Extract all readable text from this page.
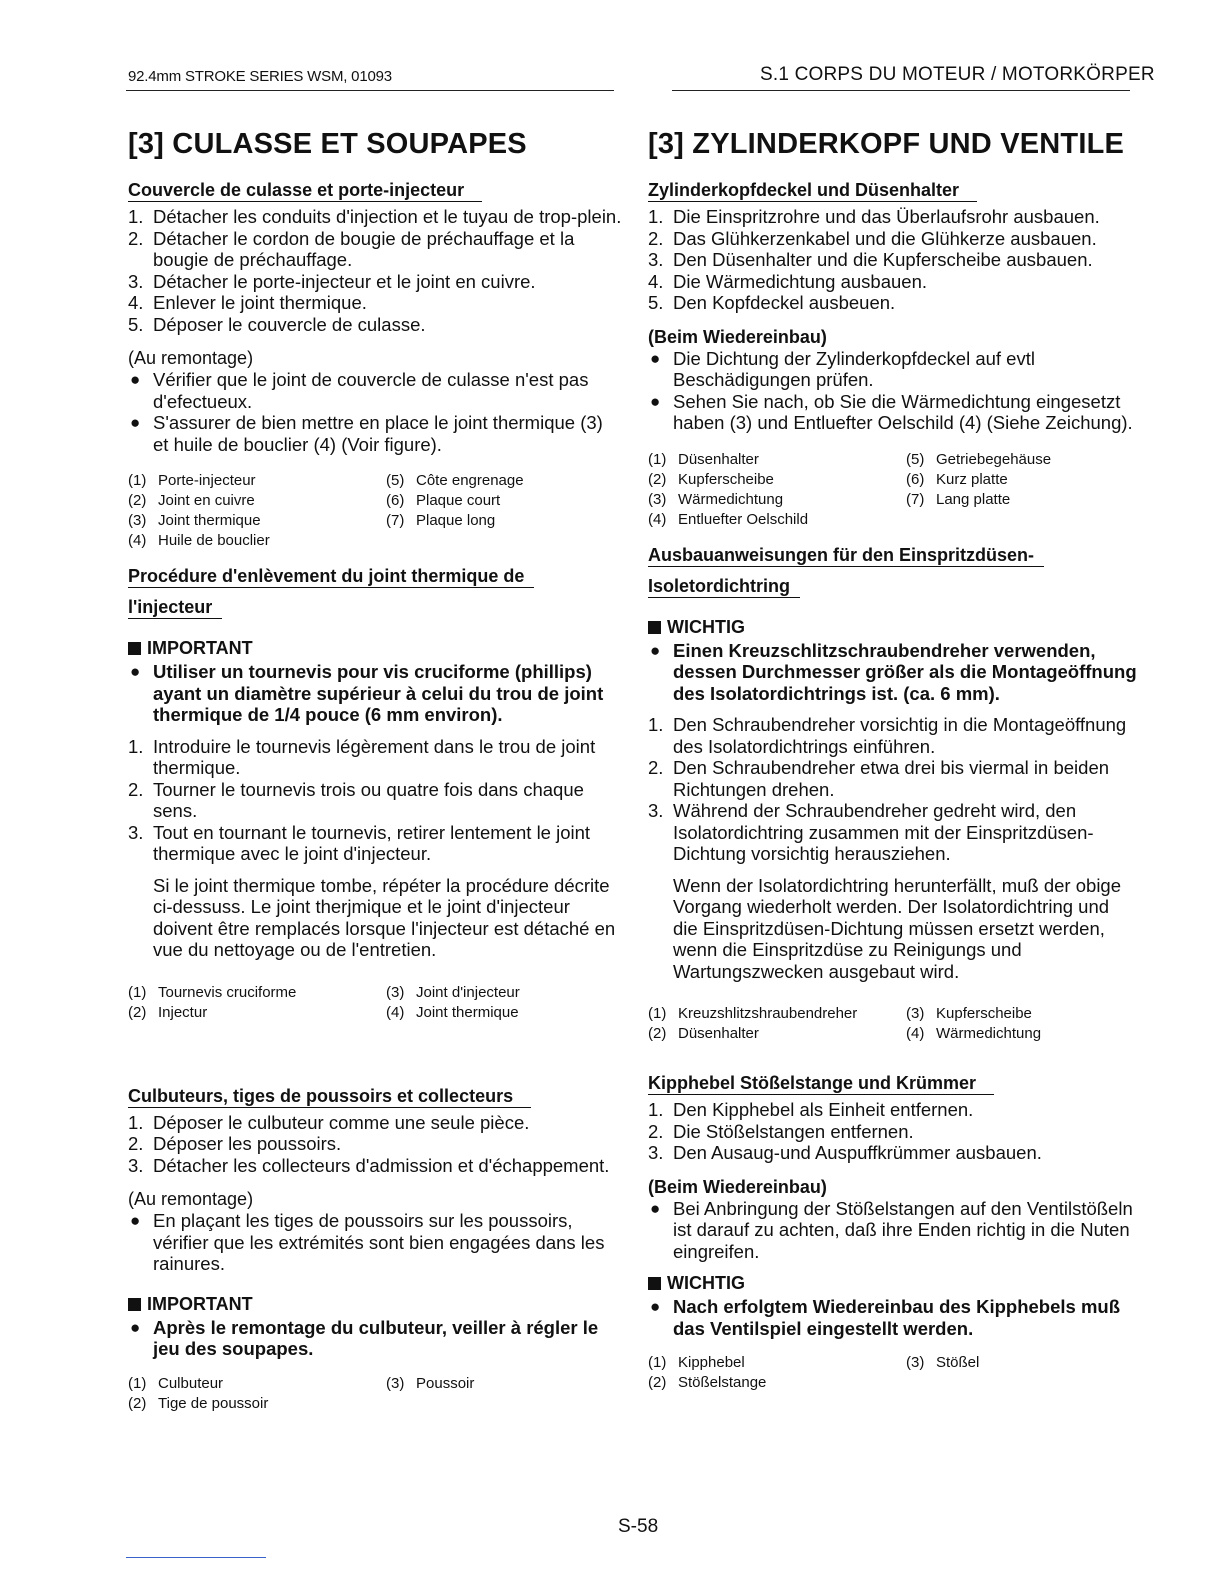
92.4mm STROKE SERIES WSM, 01093	S.1 CORPS DU MOTEUR / MOTORKÖRPER
[3] CULASSE ET SOUPAPES
Couvercle de culasse et porte-injecteur
1. Détacher les conduits d'injection et le tuyau de trop-plein.
2. Détacher le cordon de bougie de préchauffage et la bougie de préchauffage.
3. Détacher le porte-injecteur et le joint en cuivre.
4. Enlever le joint thermique.
5. Déposer le couvercle de culasse.
(Au remontage)
● Vérifier que le joint de couvercle de culasse n'est pas d'efectueux.
● S'assurer de bien mettre en place le joint thermique (3) et huile de bouclier (4) (Voir figure).
(1) Porte-injecteur	(5) Côte engrenage
(2) Joint en cuivre	(6) Plaque court
(3) Joint thermique	(7) Plaque long
(4) Huile de bouclier
Procédure d'enlèvement du joint thermique de
l'injecteur
IMPORTANT
● Utiliser un tournevis pour vis cruciforme (phillips) ayant un diamètre supérieur à celui du trou de joint thermique de 1/4 pouce (6 mm environ).
1. Introduire le tournevis légèrement dans le trou de joint thermique.
2. Tourner le tournevis trois ou quatre fois dans chaque sens.
3. Tout en tournant le tournevis, retirer lentement le joint thermique avec le joint d'injecteur.
Si le joint thermique tombe, répéter la procédure décrite ci-dessuss. Le joint therjmique et le joint d'injecteur doivent être remplacés lorsque l'injecteur est détaché en vue du nettoyage ou de l'entretien.
(1) Tournevis cruciforme	(3) Joint d'injecteur
(2) Injectur	(4) Joint thermique
Culbuteurs, tiges de poussoirs et collecteurs
1. Déposer le culbuteur comme une seule pièce.
2. Déposer les poussoirs.
3. Détacher les collecteurs d'admission et d'échappement.
(Au remontage)
● En plaçant les tiges de poussoirs sur les poussoirs, vérifier que les extrémités sont bien engagées dans les rainures.
IMPORTANT
● Après le remontage du culbuteur, veiller à régler le jeu des soupapes.
(1) Culbuteur	(3) Poussoir
(2) Tige de poussoir
[3] ZYLINDERKOPF UND VENTILE
Zylinderkopfdeckel und Düsenhalter
1. Die Einspritzrohre und das Überlaufsrohr ausbauen.
2. Das Glühkerzenkabel und die Glühkerze ausbauen.
3. Den Düsenhalter und die Kupferscheibe ausbauen.
4. Die Wärmedichtung ausbauen.
5. Den Kopfdeckel ausbeuen.
(Beim Wiedereinbau)
● Die Dichtung der Zylinderkopfdeckel auf evtl Beschädigungen prüfen.
● Sehen Sie nach, ob Sie die Wärmedichtung eingesetzt haben (3) und Entluefter Oelschild (4) (Siehe Zeichung).
(1) Düsenhalter	(5) Getriebegehäuse
(2) Kupferscheibe	(6) Kurz platte
(3) Wärmedichtung	(7) Lang platte
(4) Entluefter Oelschild
Ausbauanweisungen für den Einspritzdüsen-
Isoletordichtring
WICHTIG
● Einen Kreuzschlitzschraubendreher verwenden, dessen Durchmesser größer als die Montageöffnung des Isolatordichtrings ist. (ca. 6 mm).
1. Den Schraubendreher vorsichtig in die Montageöffnung des Isolatordichtrings einführen.
2. Den Schraubendreher etwa drei bis viermal in beiden Richtungen drehen.
3. Während der Schraubendreher gedreht wird, den Isolatordichtring zusammen mit der Einspritzdüsen-Dichtung vorsichtig herausziehen.
Wenn der Isolatordichtring herunterfällt, muß der obige Vorgang wiederholt werden. Der Isolatordichtring und die Einspritzdüsen-Dichtung müssen ersetzt werden, wenn die Einspritzdüse zu Reinigungs und Wartungszwecken ausgebaut wird.
(1) Kreuzshlitzshraubendreher	(3) Kupferscheibe
(2) Düsenhalter	(4) Wärmedichtung
Kipphebel Stößelstange und Krümmer
1. Den Kipphebel als Einheit entfernen.
2. Die Stößelstangen entfernen.
3. Den Ausaug-und Auspuffkrümmer ausbauen.
(Beim Wiedereinbau)
● Bei Anbringung der Stößelstangen auf den Ventilstößeln ist darauf zu achten, daß ihre Enden richtig in die Nuten eingreifen.
WICHTIG
● Nach erfolgtem Wiedereinbau des Kipphebels muß das Ventilspiel eingestellt werden.
(1) Kipphebel	(3) Stößel
(2) Stößelstange
S-58
